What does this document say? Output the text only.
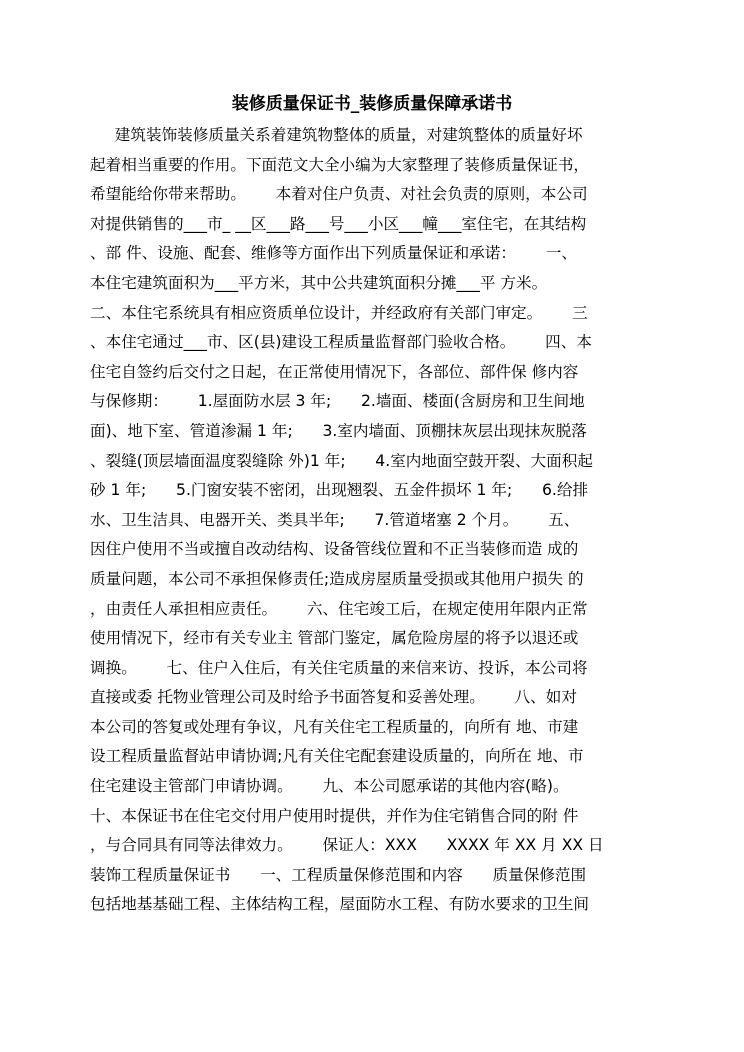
装修质量保证书_装修质量保障承诺书
建筑装饰装修质量关系着建筑物整体的质量，对建筑整体的质量好坏
起着相当重要的作用。下面范文大全小编为大家整理了装修质量保证书，
希望能给你带来帮助。      本着对住户负责、对社会负责的原则，本公司
对提供销售的___市_ __区___路___号___小区___幢___室住宅，在其结构
、部 件、设施、配套、维修等方面作出下列质量保证和承诺：      一、
本住宅建筑面积为___平方米，其中公共建筑面积分摊___平 方米。
二、本住宅系统具有相应资质单位设计，并经政府有关部门审定。      三
、本住宅通过___市、区(县)建设工程质量监督部门验收合格。      四、本
住宅自签约后交付之日起，在正常使用情况下，各部位、部件保 修内容
与保修期：      1.屋面防水层 3 年;      2.墙面、楼面(含厨房和卫生间地
面)、地下室、管道渗漏 1 年;      3.室内墙面、顶棚抹灰层出现抹灰脱落
、裂缝(顶层墙面温度裂缝除 外)1 年;      4.室内地面空鼓开裂、大面积起
砂 1 年;      5.门窗安装不密闭，出现翘裂、五金件损坏 1 年;      6.给排
水、卫生洁具、电器开关、类具半年;      7.管道堵塞 2 个月。      五、
因住户使用不当或擅自改动结构、设备管线位置和不正当装修而造 成的
质量问题，本公司不承担保修责任;造成房屋质量受损或其他用户损失 的
，由责任人承担相应责任。      六、住宅竣工后，在规定使用年限内正常
使用情况下，经市有关专业主 管部门鉴定，属危险房屋的将予以退还或
调换。      七、住户入住后，有关住宅质量的来信来访、投诉，本公司将
直接或委 托物业管理公司及时给予书面答复和妥善处理。      八、如对
本公司的答复或处理有争议，凡有关住宅工程质量的，向所有 地、市建
设工程质量监督站申请协调;凡有关住宅配套建设质量的，向所在 地、市
住宅建设主管部门申请协调。      九、本公司愿承诺的其他内容(略)。
十、本保证书在住宅交付用户使用时提供，并作为住宅销售合同的附 件
，与合同具有同等法律效力。      保证人：XXX      XXXX 年 XX 月 XX 日
装饰工程质量保证书      一、工程质量保修范围和内容      质量保修范围
包括地基基础工程、主体结构工程，屋面防水工程、有防水要求的卫生间
